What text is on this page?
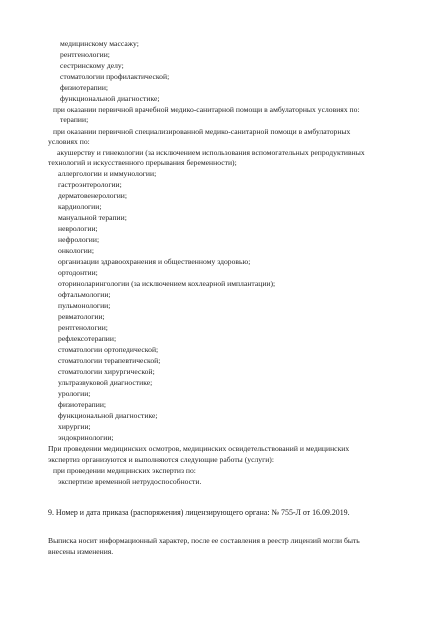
медицинскому массажу;
рентгенологии;
сестринскому делу;
стоматологии профилактической;
физиотерапии;
функциональной диагностике;
при оказании первичной врачебной медико-санитарной помощи в амбулаторных условиях по:
терапии;
при оказании первичной специализированной медико-санитарной помощи в амбулаторных
условиях по:
акушерству и гинекологии (за исключением использования вспомогательных репродуктивных
технологий и искусственного прерывания беременности);
аллергологии и иммунологии;
гастроэнтерологии;
дерматовенерологии;
кардиологии;
мануальной терапии;
неврологии;
нефрологии;
онкологии;
организации здравоохранения и общественному здоровью;
ортодонтии;
оториноларингологии (за исключением кохлеарной имплантации);
офтальмологии;
пульмонологии;
ревматологии;
рентгенологии;
рефлексотерапии;
стоматологии ортопедической;
стоматологии терапевтической;
стоматологии хирургической;
ультразвуковой диагностике;
урологии;
физиотерапии;
функциональной диагностике;
хирургии;
эндокринологии;
При проведении медицинских осмотров, медицинских освидетельствований и медицинских
экспертиз организуются и выполняются следующие работы (услуги):
при проведении медицинских экспертиз по:
экспертизе временной нетрудоспособности.
9. Номер и дата приказа (распоряжения) лицензирующего органа: № 755-Л от 16.09.2019.
Выписка носит информационный характер, после ее составления в реестр лицензий могли быть
внесены изменения.
